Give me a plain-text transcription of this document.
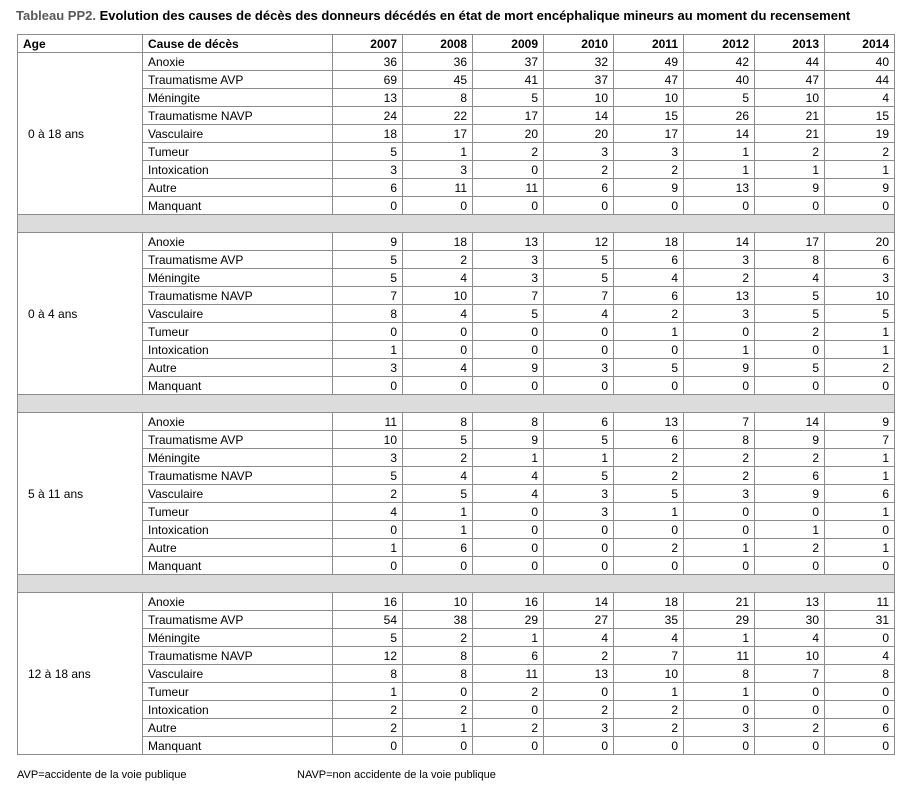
Tableau PP2. Evolution des causes de décès des donneurs décédés en état de mort encéphalique mineurs au moment du recensement
Age	Cause de décès	2007	2008	2009	2010	2011	2012	2013	2014
0 à 18 ans	Anoxie	36	36	37	32	49	42	44	40
	Traumatisme AVP	69	45	41	37	47	40	47	44
	Méningite	13	8	5	10	10	5	10	4
	Traumatisme NAVP	24	22	17	14	15	26	21	15
	Vasculaire	18	17	20	20	17	14	21	19
	Tumeur	5	1	2	3	3	1	2	2
	Intoxication	3	3	0	2	2	1	1	1
	Autre	6	11	11	6	9	13	9	9
	Manquant	0	0	0	0	0	0	0	0

0 à 4 ans	Anoxie	9	18	13	12	18	14	17	20
	Traumatisme AVP	5	2	3	5	6	3	8	6
	Méningite	5	4	3	5	4	2	4	3
	Traumatisme NAVP	7	10	7	7	6	13	5	10
	Vasculaire	8	4	5	4	2	3	5	5
	Tumeur	0	0	0	0	1	0	2	1
	Intoxication	1	0	0	0	0	1	0	1
	Autre	3	4	9	3	5	9	5	2
	Manquant	0	0	0	0	0	0	0	0

5 à 11 ans	Anoxie	11	8	8	6	13	7	14	9
	Traumatisme AVP	10	5	9	5	6	8	9	7
	Méningite	3	2	1	1	2	2	2	1
	Traumatisme NAVP	5	4	4	5	2	2	6	1
	Vasculaire	2	5	4	3	5	3	9	6
	Tumeur	4	1	0	3	1	0	0	1
	Intoxication	0	1	0	0	0	0	1	0
	Autre	1	6	0	0	2	1	2	1
	Manquant	0	0	0	0	0	0	0	0

12 à 18 ans	Anoxie	16	10	16	14	18	21	13	11
	Traumatisme AVP	54	38	29	27	35	29	30	31
	Méningite	5	2	1	4	4	1	4	0
	Traumatisme NAVP	12	8	6	2	7	11	10	4
	Vasculaire	8	8	11	13	10	8	7	8
	Tumeur	1	0	2	0	1	1	0	0
	Intoxication	2	2	0	2	2	0	0	0
	Autre	2	1	2	3	2	3	2	6
	Manquant	0	0	0	0	0	0	0	0
AVP=accidente de la voie publique	NAVP=non accidente de la voie publique
